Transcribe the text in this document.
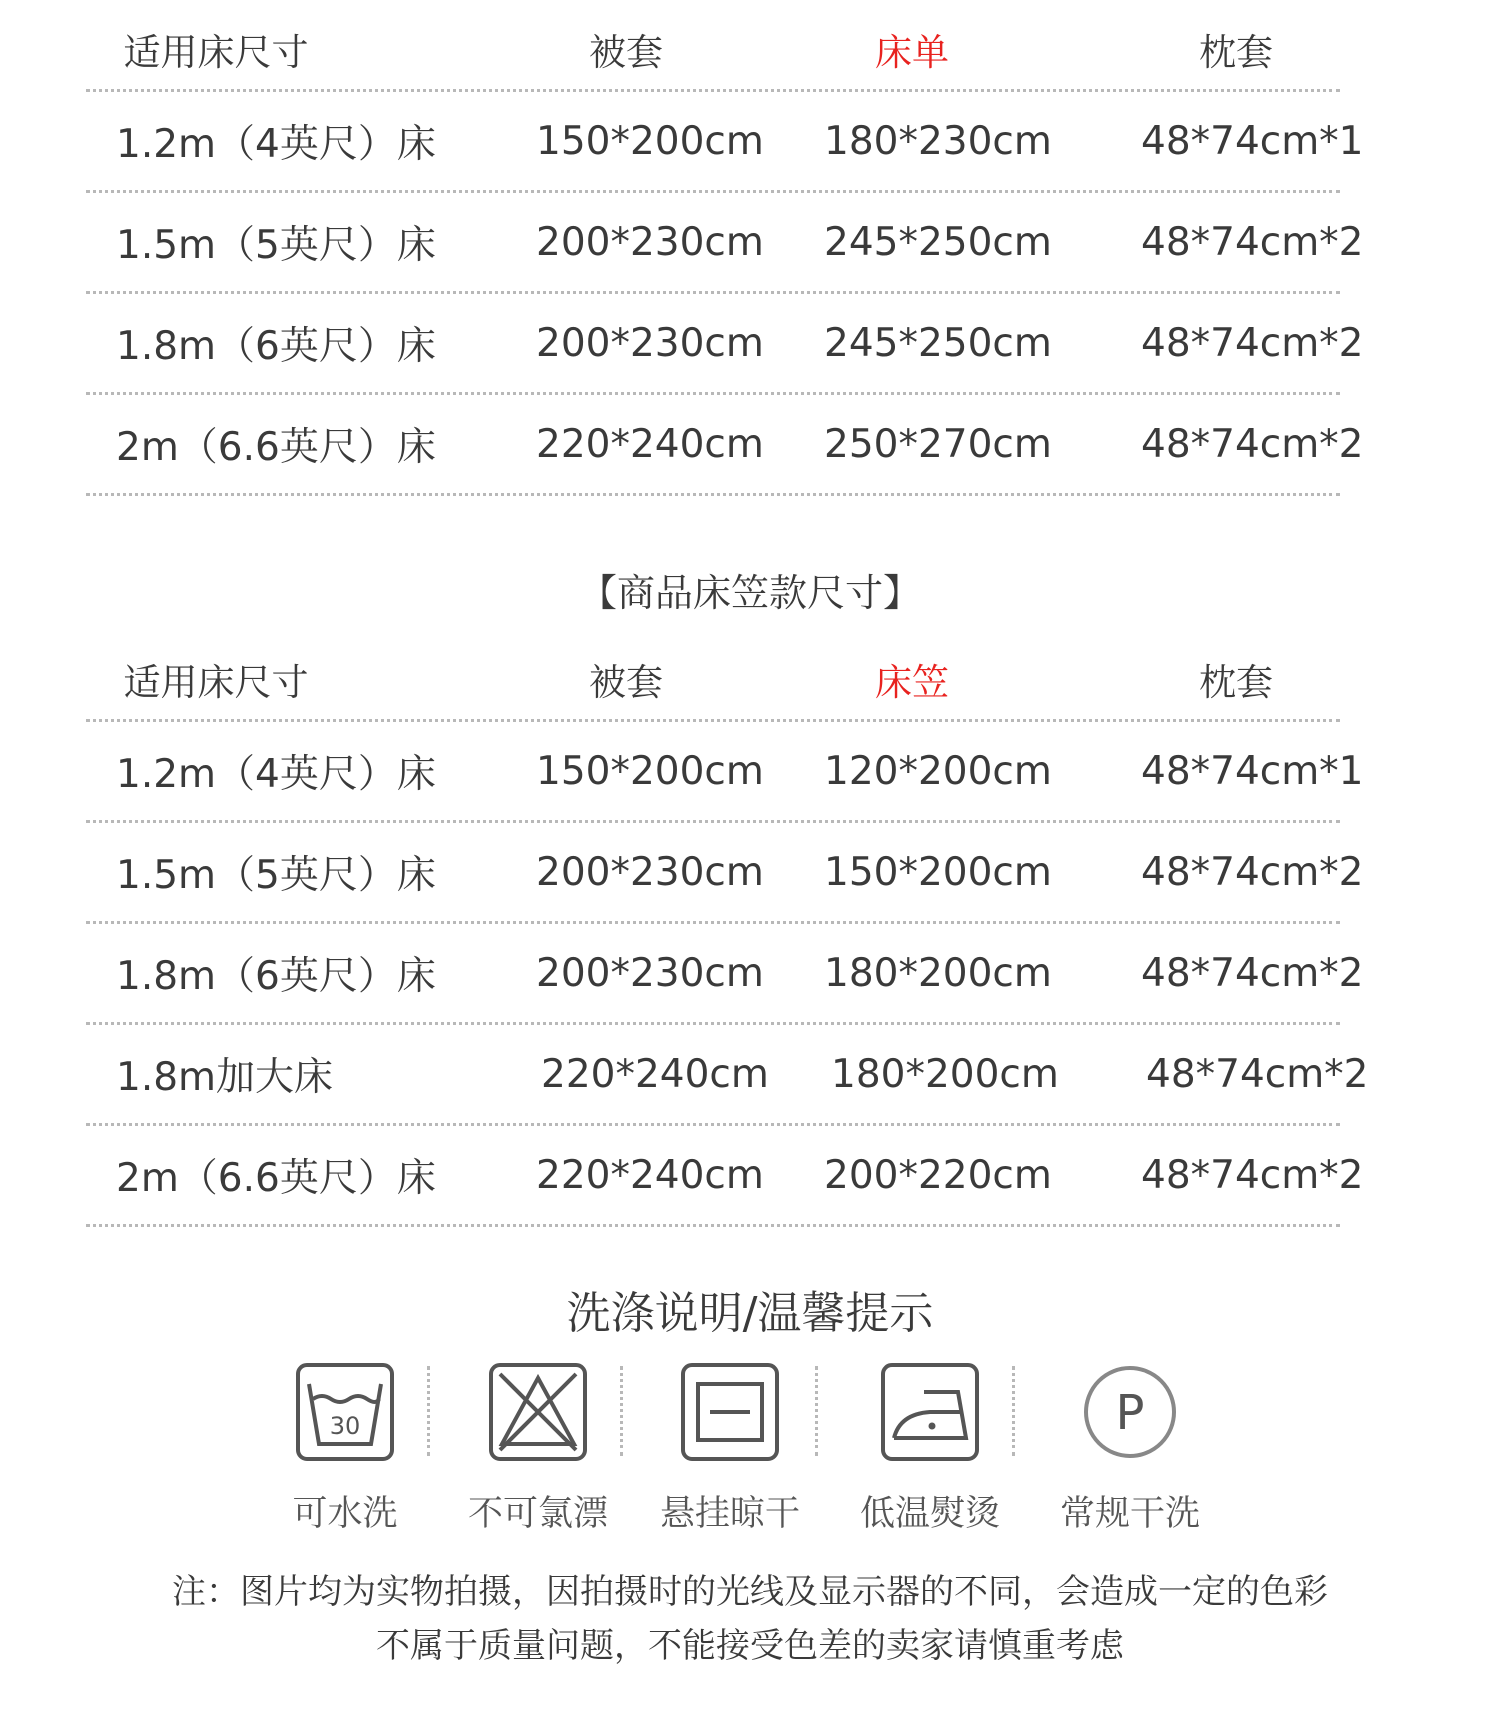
适用床尺寸	被套	床单	枕套
1.2m（4英尺）床	150*200cm 180*230cm 48*74cm*1
1.5m（5英尺）床	200*230cm 245*250cm 48*74cm*2
1.8m（6英尺）床	200*230cm 245*250cm 48*74cm*2
2m（6.6英尺）床	220*240cm 250*270cm 48*74cm*2
【商品床笠款尺寸】
适用床尺寸	被套	床笠	枕套
1.2m（4英尺）床	150*200cm 120*200cm 48*74cm*1
1.5m（5英尺）床	200*230cm 150*200cm 48*74cm*2
1.8m（6英尺）床	200*230cm 180*200cm 48*74cm*2
1.8m加大床	220*240cm 180*200cm 48*74cm*2
2m（6.6英尺）床	220*240cm 200*220cm 48*74cm*2
洗涤说明/温馨提示
30
可水洗	不可氯漂 悬挂晾干 低温熨烫
P
常规干洗
注：图片均为实物拍摄，因拍摄时的光线及显示器的不同，会造成一定的色彩
不属于质量问题，不能接受色差的卖家请慎重考虑
